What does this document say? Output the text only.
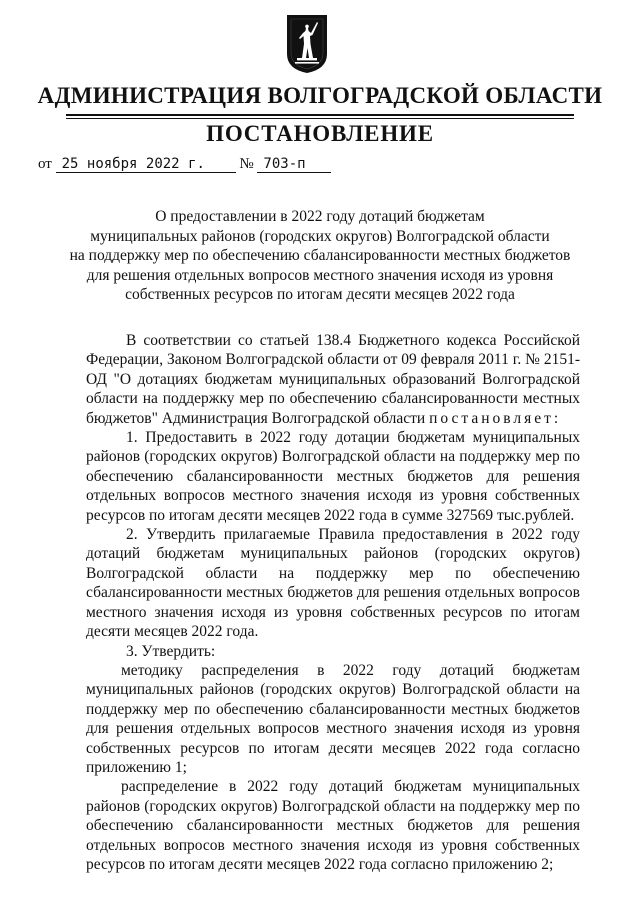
АДМИНИСТРАЦИЯ ВОЛГОГРАДСКОЙ ОБЛАСТИ
ПОСТАНОВЛЕНИЕ
от 25 ноября 2022 г. № 703-п
О предоставлении в 2022 году дотаций бюджетам
муниципальных районов (городских округов) Волгоградской области
на поддержку мер по обеспечению сбалансированности местных бюджетов
для решения отдельных вопросов местного значения исходя из уровня
собственных ресурсов по итогам десяти месяцев 2022 года

В соответствии со статьей 138.4 Бюджетного кодекса Российской Федерации, Законом Волгоградской области от 09 февраля 2011 г. № 2151-ОД "О дотациях бюджетам муниципальных образований Волгоградской области на поддержку мер по обеспечению сбалансированности местных бюджетов" Администрация Волгоградской области постановляет:

1. Предоставить в 2022 году дотации бюджетам муниципальных районов (городских округов) Волгоградской области на поддержку мер по обеспечению сбалансированности местных бюджетов для решения отдельных вопросов местного значения исходя из уровня собственных ресурсов по итогам десяти месяцев 2022 года в сумме 327569 тыс.рублей.

2. Утвердить прилагаемые Правила предоставления в 2022 году дотаций бюджетам муниципальных районов (городских округов) Волгоградской области на поддержку мер по обеспечению сбалансированности местных бюджетов для решения отдельных вопросов местного значения исходя из уровня собственных ресурсов по итогам десяти месяцев 2022 года.

3. Утвердить:

методику распределения в 2022 году дотаций бюджетам муниципальных районов (городских округов) Волгоградской области на поддержку мер по обеспечению сбалансированности местных бюджетов для решения отдельных вопросов местного значения исходя из уровня собственных ресурсов по итогам десяти месяцев 2022 года согласно приложению 1;

распределение в 2022 году дотаций бюджетам муниципальных районов (городских округов) Волгоградской области на поддержку мер по обеспечению сбалансированности местных бюджетов для решения отдельных вопросов местного значения исходя из уровня собственных ресурсов по итогам десяти месяцев 2022 года согласно приложению 2;
